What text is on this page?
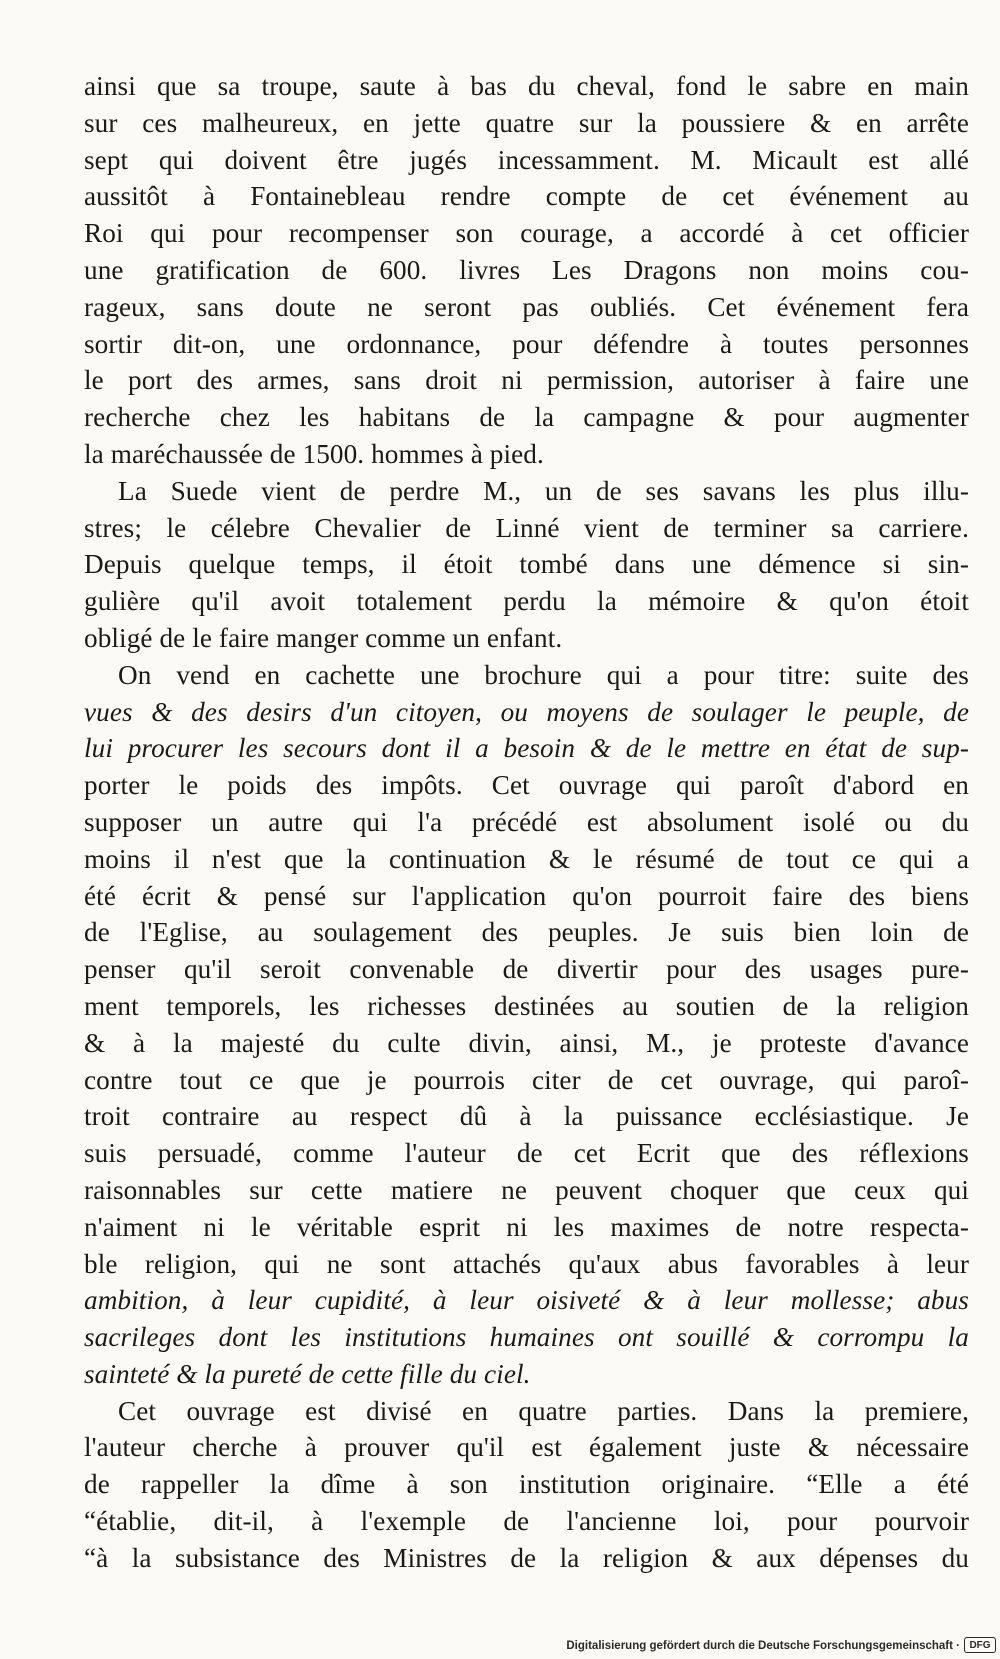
ainsi que sa troupe, saute à bas du cheval, fond le sabre en main
sur ces malheureux, en jette quatre sur la poussiere & en arrête
sept qui doivent être jugés incessamment. M. Micault est allé
aussitôt à Fontainebleau rendre compte de cet événement au
Roi qui pour recompenser son courage, a accordé à cet officier
une gratification de 600. livres Les Dragons non moins cou-
rageux, sans doute ne seront pas oubliés. Cet événement fera
sortir dit-on, une ordonnance, pour défendre à toutes personnes
le port des armes, sans droit ni permission, autoriser à faire une
recherche chez les habitans de la campagne & pour augmenter
la maréchaussée de 1500. hommes à pied.
La Suede vient de perdre M., un de ses savans les plus illu-
stres; le célebre Chevalier de Linné vient de terminer sa carriere.
Depuis quelque temps, il étoit tombé dans une démence si sin-
gulière qu'il avoit totalement perdu la mémoire & qu'on étoit
obligé de le faire manger comme un enfant.
On vend en cachette une brochure qui a pour titre: suite des
vues & des desirs d'un citoyen, ou moyens de soulager le peuple, de
lui procurer les secours dont il a besoin & de le mettre en état de sup-
porter le poids des impôts. Cet ouvrage qui paroît d'abord en
supposer un autre qui l'a précédé est absolument isolé ou du
moins il n'est que la continuation & le résumé de tout ce qui a
été écrit & pensé sur l'application qu'on pourroit faire des biens
de l'Eglise, au soulagement des peuples. Je suis bien loin de
penser qu'il seroit convenable de divertir pour des usages pure-
ment temporels, les richesses destinées au soutien de la religion
& à la majesté du culte divin, ainsi, M., je proteste d'avance
contre tout ce que je pourrois citer de cet ouvrage, qui paroî-
troit contraire au respect dû à la puissance ecclésiastique. Je
suis persuadé, comme l'auteur de cet Ecrit que des réflexions
raisonnables sur cette matiere ne peuvent choquer que ceux qui
n'aiment ni le véritable esprit ni les maximes de notre respecta-
ble religion, qui ne sont attachés qu'aux abus favorables à leur
ambition, à leur cupidité, à leur oisiveté & à leur mollesse; abus
sacrileges dont les institutions humaines ont souillé & corrompu la
sainteté & la pureté de cette fille du ciel.
Cet ouvrage est divisé en quatre parties. Dans la premiere,
l'auteur cherche à prouver qu'il est également juste & nécessaire
de rappeller la dîme à son institution originaire. “Elle a été
“établie, dit-il, à l'exemple de l'ancienne loi, pour pourvoir
“à la subsistance des Ministres de la religion & aux dépenses du
Digitalisierung gefördert durch die Deutsche Forschungsgemeinschaft · DFG
